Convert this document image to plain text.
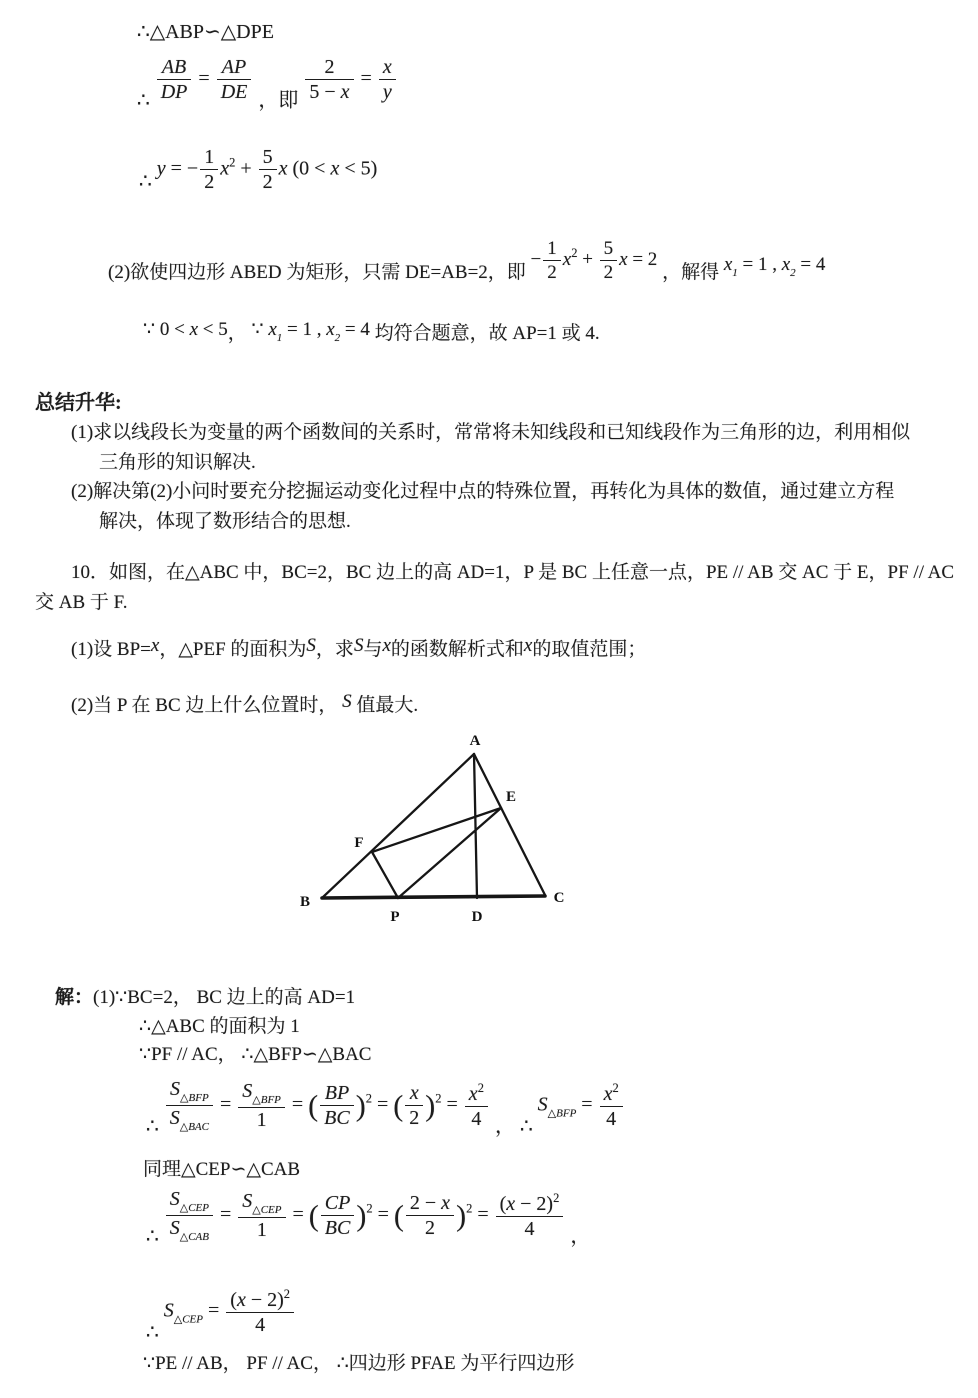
∴△ABP∽△DPE
∴ $\frac{AB}{DP} = \frac{AP}{DE}$ ，即 $\frac{2}{5 - x} = \frac{x}{y}$
∴ y = − $\frac{1}{2} x^2 + \frac{5}{2}$ x (0 < x < 5)
(2)欲使四边形 ABED 为矩形，只需 DE=AB=2，即 − $\frac{1}{2} x^2 + \frac{5}{2}$ x = 2 ，解得 $x_1 = 1$ , $x_2 = 4$
∵ 0 < x < 5， ∵ $x_1 = 1$ , $x_2 = 4$ 均符合题意，故 AP=1 或 4.
总结升华:
(1)求以线段长为变量的两个函数间的关系时，常常将未知线段和已知线段作为三角形的边，利用相似
三角形的知识解决.
(2)解决第(2)小问时要充分挖掘运动变化过程中点的特殊位置，再转化为具体的数值，通过建立方程
解决，体现了数形结合的思想.
10．如图，在△ABC 中，BC=2，BC 边上的高 AD=1，P 是 BC 上任意一点，PE // AB 交 AC 于 E，PF // AC
交 AB 于 F.
(1)设 BP=x，△PEF 的面积为S，求S与x的函数解析式和x的取值范围；
(2)当 P 在 BC 边上什么位置时， S 值最大.
A
B	C
D
P
E
F
解：(1)∵BC=2， BC 边上的高 AD=1
∴△ABC 的面积为 1
∵PF // AC， ∴△BFP∽△BAC
∴ $\frac{S_{\triangle BFP}}{S_{\triangle BAC}} = \frac{S_{\triangle BFP}}{1}$ = ( $\frac{BP}{BC} )^2$ = ( $\frac{x}{2} )^2 = \frac{x^2}{4}$ ， ∴ $S_{\triangle BFP} = \frac{x^2}{4}$
同理△CEP∽△CAB
∴ $\frac{S_{\triangle CEP}}{S_{\triangle CAB}} = \frac{S_{\triangle CEP}}{1}$ = ( $\frac{CP}{BC} )^2$ = ( $\frac{2 - x}{2} )^2 = \frac{(x - 2)^2}{4}$ ，
∴ $S_{\triangle CEP} = \frac{(x - 2)^2}{4}$
∵PE // AB， PF // AC， ∴四边形 PFAE 为平行四边形
